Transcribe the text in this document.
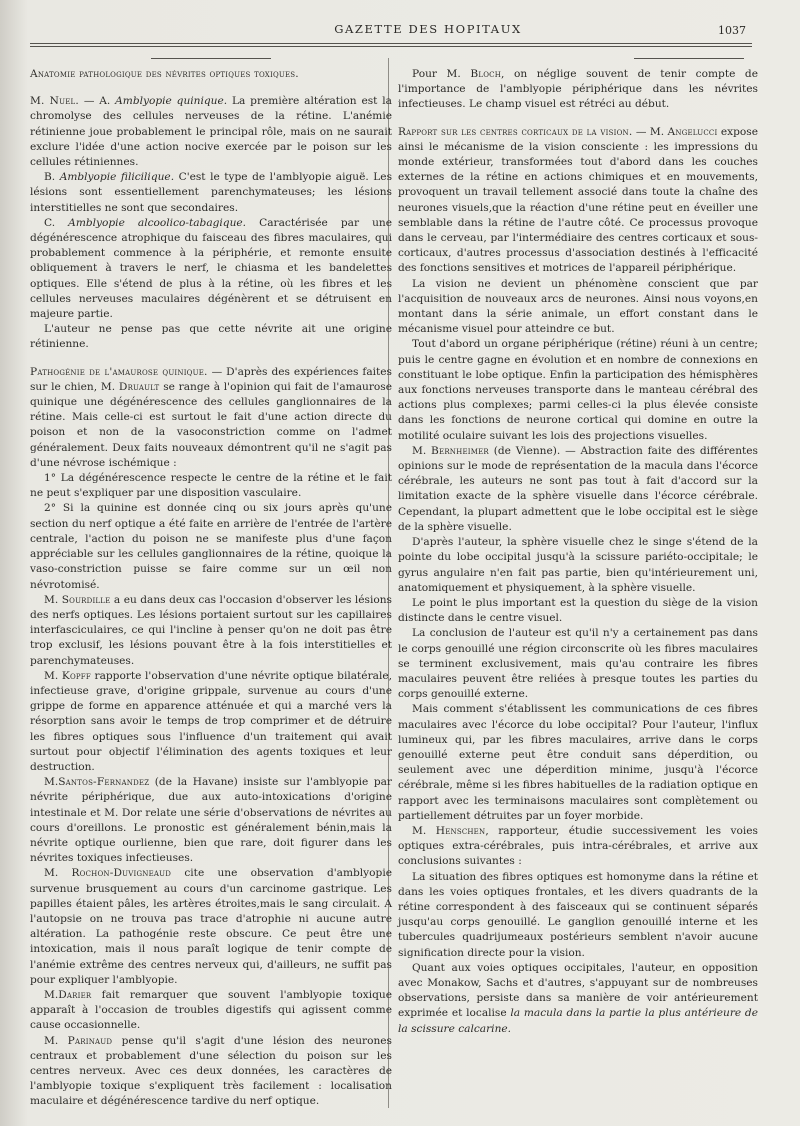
GAZETTE DES HOPITAUX	1037

Anatomie pathologique des névrites optiques toxiques.

M. Nuel. — A. Amblyopie quinique. La première altération est la chromolyse des cellules nerveuses de la rétine. L'anémie rétinienne joue probablement le principal rôle, mais on ne saurait exclure l'idée d'une action nocive exercée par le poison sur les cellules rétiniennes.

B. Amblyopie filicilique. C'est le type de l'amblyopie aiguë. Les lésions sont essentiellement parenchymateuses; les lésions interstitielles ne sont que secondaires.

C. Amblyopie alcoolico-tabagique. Caractérisée par une dégénérescence atrophique du faisceau des fibres maculaires, qui probablement commence à la périphérie, et remonte ensuite obliquement à travers le nerf, le chiasma et les bandelettes optiques. Elle s'étend de plus à la rétine, où les fibres et les cellules nerveuses maculaires dégénèrent et se détruisent en majeure partie.

L'auteur ne pense pas que cette névrite ait une origine rétinienne.

Pathogénie de l'amaurose quinique. — D'après des expériences faites sur le chien, M. Druault se range à l'opinion qui fait de l'amaurose quinique une dégénérescence des cellules ganglionnaires de la rétine. Mais celle-ci est surtout le fait d'une action directe du poison et non de la vasoconstriction comme on l'admet généralement. Deux faits nouveaux démontrent qu'il ne s'agit pas d'une névrose ischémique :

1° La dégénérescence respecte le centre de la rétine et le fait ne peut s'expliquer par une disposition vasculaire.

2° Si la quinine est donnée cinq ou six jours après qu'une section du nerf optique a été faite en arrière de l'entrée de l'artère centrale, l'action du poison ne se manifeste plus d'une façon appréciable sur les cellules ganglionnaires de la rétine, quoique la vaso-constriction puisse se faire comme sur un œil non névrotomisé.

M. Sourdille a eu dans deux cas l'occasion d'observer les lésions des nerfs optiques. Les lésions portaient surtout sur les capillaires interfasciculaires, ce qui l'incline à penser qu'on ne doit pas être trop exclusif, les lésions pouvant être à la fois interstitielles et parenchymateuses.

M. Kopff rapporte l'observation d'une névrite optique bilatérale, infectieuse grave, d'origine grippale, survenue au cours d'une grippe de forme en apparence atténuée et qui a marché vers la résorption sans avoir le temps de trop comprimer et de détruire les fibres optiques sous l'influence d'un traitement qui avait surtout pour objectif l'élimination des agents toxiques et leur destruction.

M.Santos-Fernandez (de la Havane) insiste sur l'amblyopie par névrite périphérique, due aux auto-intoxications d'origine intestinale et M. Dor relate une série d'observations de névrites au cours d'oreillons. Le pronostic est généralement bénin,mais la névrite optique ourlienne, bien que rare, doit figurer dans les névrites toxiques infectieuses.

M. Rochon-Duvigneaud cite une observation d'amblyopie survenue brusquement au cours d'un carcinome gastrique. Les papilles étaient pâles, les artères étroites,mais le sang circulait. A l'autopsie on ne trouva pas trace d'atrophie ni aucune autre altération. La pathogénie reste obscure. Ce peut être une intoxication, mais il nous paraît logique de tenir compte de l'anémie extrême des centres nerveux qui, d'ailleurs, ne suffit pas pour expliquer l'amblyopie.

M.Darier fait remarquer que souvent l'amblyopie toxique apparaît à l'occasion de troubles digestifs qui agissent comme cause occasionnelle.

M. Parinaud pense qu'il s'agit d'une lésion des neurones centraux et probablement d'une sélection du poison sur les centres nerveux. Avec ces deux données, les caractères de l'amblyopie toxique s'expliquent très facilement : localisation maculaire et dégénérescence tardive du nerf optique.

Pour M. Bloch, on néglige souvent de tenir compte de l'importance de l'amblyopie périphérique dans les névrites infectieuses. Le champ visuel est rétréci au début.

Rapport sur les centres corticaux de la vision. — M. Angelucci expose ainsi le mécanisme de la vision consciente : les impressions du monde extérieur, transformées tout d'abord dans les couches externes de la rétine en actions chimiques et en mouvements, provoquent un travail tellement associé dans toute la chaîne des neurones visuels,que la réaction d'une rétine peut en éveiller une semblable dans la rétine de l'autre côté. Ce processus provoque dans le cerveau, par l'intermédiaire des centres corticaux et sous-corticaux, d'autres processus d'association destinés à l'efficacité des fonctions sensitives et motrices de l'appareil périphérique.

La vision ne devient un phénomène conscient que par l'acquisition de nouveaux arcs de neurones. Ainsi nous voyons,en montant dans la série animale, un effort constant dans le mécanisme visuel pour atteindre ce but.

Tout d'abord un organe périphérique (rétine) réuni à un centre; puis le centre gagne en évolution et en nombre de connexions en constituant le lobe optique. Enfin la participation des hémisphères aux fonctions nerveuses transporte dans le manteau cérébral des actions plus complexes; parmi celles-ci la plus élevée consiste dans les fonctions de neurone cortical qui domine en outre la motilité oculaire suivant les lois des projections visuelles.

M. Bernheimer (de Vienne). — Abstraction faite des différentes opinions sur le mode de représentation de la macula dans l'écorce cérébrale, les auteurs ne sont pas tout à fait d'accord sur la limitation exacte de la sphère visuelle dans l'écorce cérébrale. Cependant, la plupart admettent que le lobe occipital est le siège de la sphère visuelle.

D'après l'auteur, la sphère visuelle chez le singe s'étend de la pointe du lobe occipital jusqu'à la scissure pariéto-occipitale; le gyrus angulaire n'en fait pas partie, bien qu'intérieurement uni, anatomiquement et physiquement, à la sphère visuelle.

Le point le plus important est la question du siège de la vision distincte dans le centre visuel.

La conclusion de l'auteur est qu'il n'y a certainement pas dans le corps genouillé une région circonscrite où les fibres maculaires se terminent exclusivement, mais qu'au contraire les fibres maculaires peuvent être reliées à presque toutes les parties du corps genouillé externe.

Mais comment s'établissent les communications de ces fibres maculaires avec l'écorce du lobe occipital? Pour l'auteur, l'influx lumineux qui, par les fibres maculaires, arrive dans le corps genouillé externe peut être conduit sans déperdition, ou seulement avec une déperdition minime, jusqu'à l'écorce cérébrale, même si les fibres habituelles de la radiation optique en rapport avec les terminaisons maculaires sont complètement ou partiellement détruites par un foyer morbide.

M. Henschen, rapporteur, étudie successivement les voies optiques extra-cérébrales, puis intra-cérébrales, et arrive aux conclusions suivantes :

La situation des fibres optiques est homonyme dans la rétine et dans les voies optiques frontales, et les divers quadrants de la rétine correspondent à des faisceaux qui se continuent séparés jusqu'au corps genouillé. Le ganglion genouillé interne et les tubercules quadrijumeaux postérieurs semblent n'avoir aucune signification directe pour la vision.

Quant aux voies optiques occipitales, l'auteur, en opposition avec Monakow, Sachs et d'autres, s'appuyant sur de nombreuses observations, persiste dans sa manière de voir antérieurement exprimée et localise la macula dans la partie la plus antérieure de la scissure calcarine.
